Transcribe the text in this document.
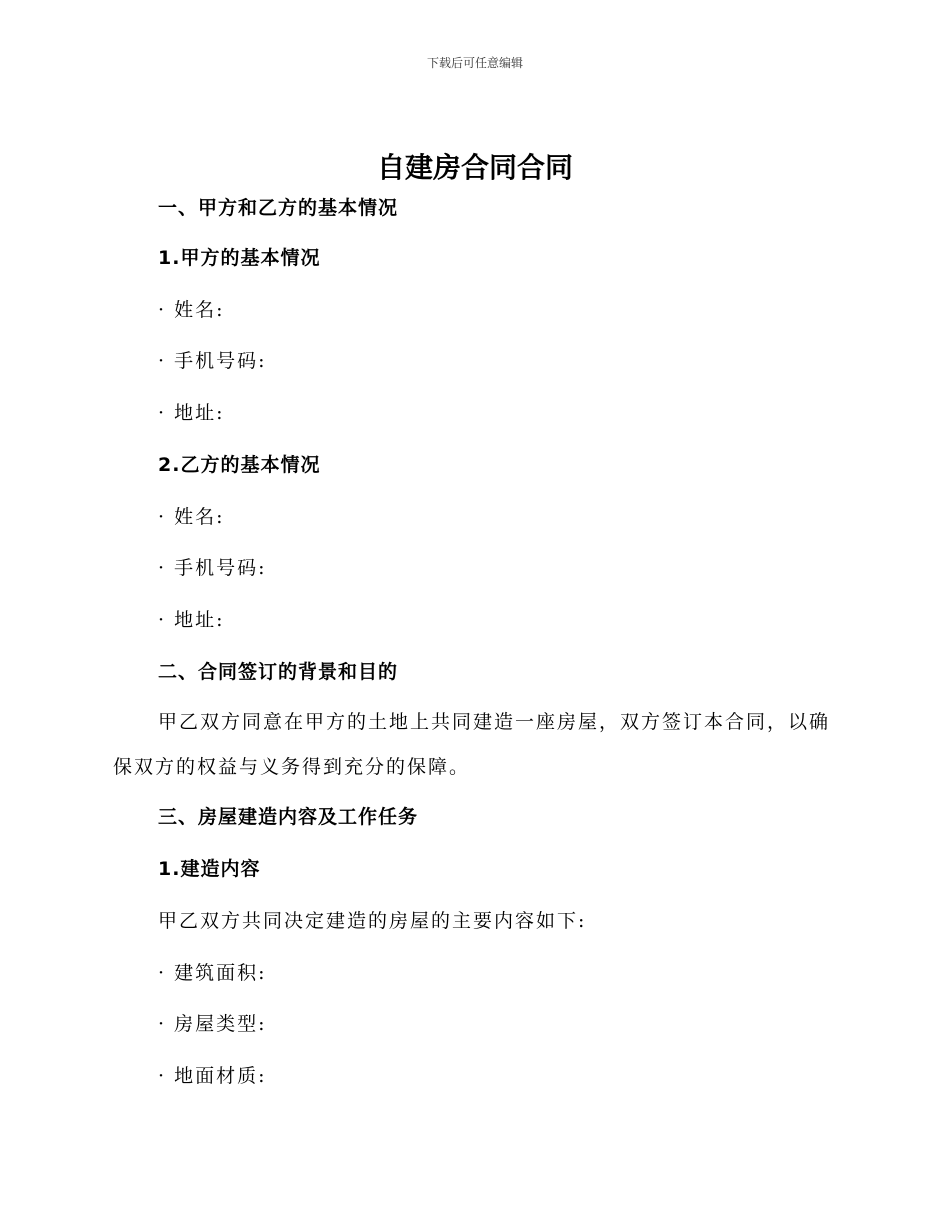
下载后可任意编辑
自建房合同合同
一、甲方和乙方的基本情况
1.甲方的基本情况
· 姓名:
· 手机号码:
· 地址:
2.乙方的基本情况
· 姓名:
· 手机号码:
· 地址:
二、合同签订的背景和目的

甲乙双方同意在甲方的土地上共同建造一座房屋，双方签订本合同，以确保双方的权益与义务得到充分的保障。

三、房屋建造内容及工作任务
1.建造内容
甲乙双方共同决定建造的房屋的主要内容如下:
· 建筑面积:
· 房屋类型:
· 地面材质:
